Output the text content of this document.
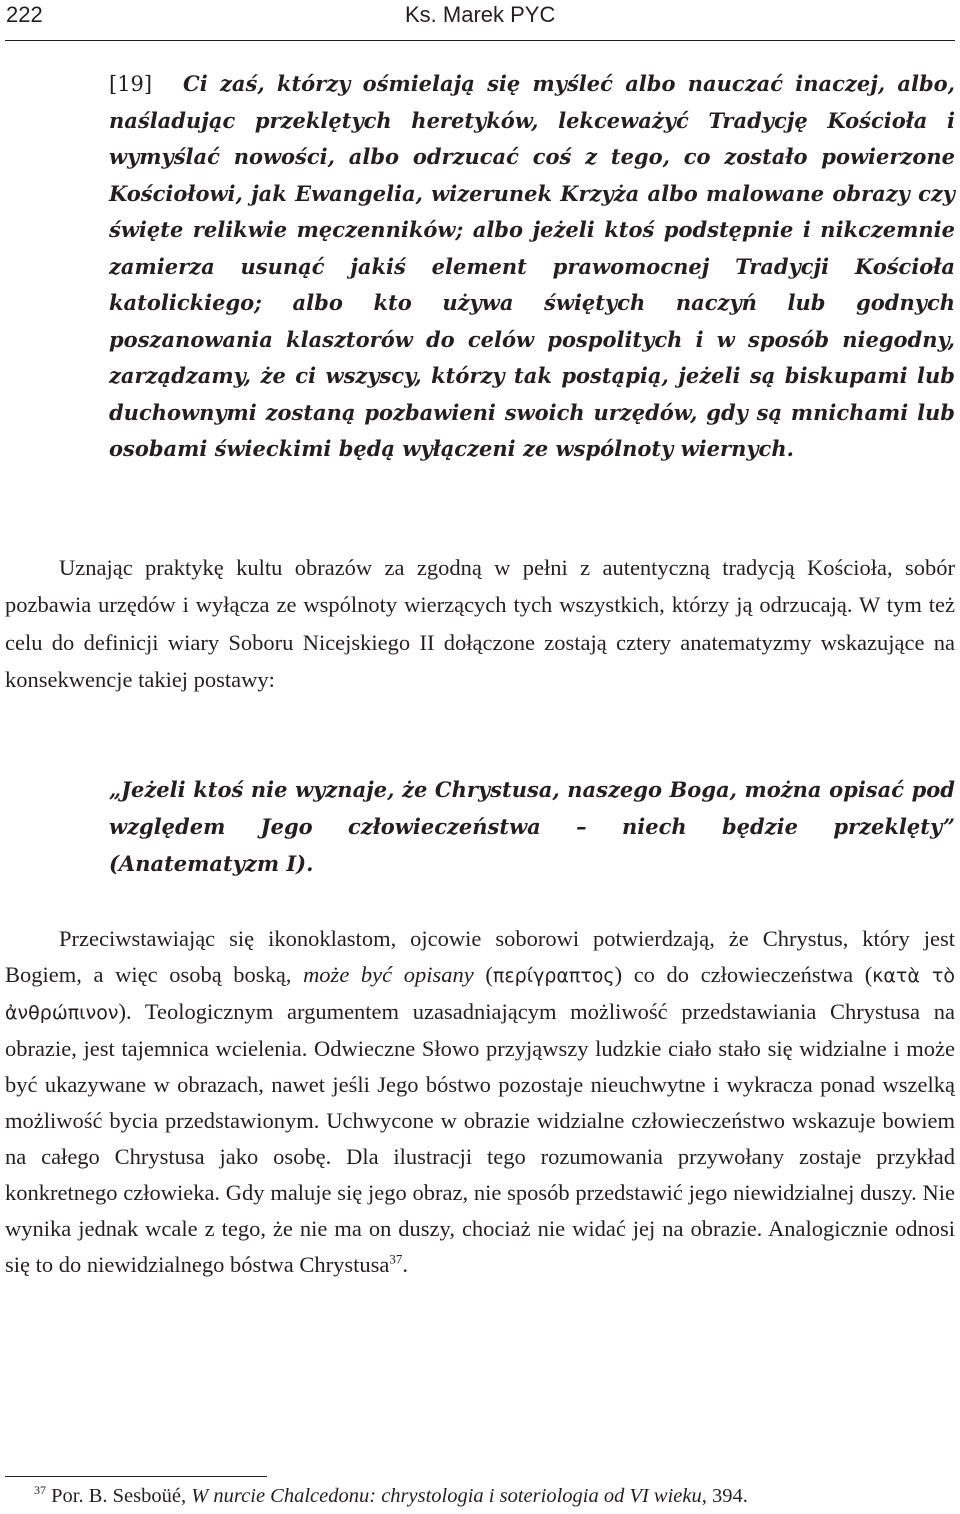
222	Ks. Marek PYC
[19] Ci zaś, którzy ośmielają się myśleć albo nauczać inaczej, albo, naśladując przeklętych heretyków, lekceważyć Tradycję Kościoła i wymyślać nowości, albo odrzucać coś z tego, co zostało powierzone Kościołowi, jak Ewangelia, wizerunek Krzyża albo malowane obrazy czy święte relikwie męczenników; albo jeżeli ktoś podstępnie i nikczemnie zamierza usunąć jakiś element prawomocnej Tradycji Kościoła katolickiego; albo kto używa świętych naczyń lub godnych poszanowania klasztorów do celów pospolitych i w sposób niegodny, zarządzamy, że ci wszyscy, którzy tak postąpią, jeżeli są biskupami lub duchownymi zostaną pozbawieni swoich urzędów, gdy są mnichami lub osobami świeckimi będą wyłączeni ze wspólnoty wiernych.
Uznając praktykę kultu obrazów za zgodną w pełni z autentyczną tradycją Kościoła, sobór pozbawia urzędów i wyłącza ze wspólnoty wierzących tych wszystkich, którzy ją odrzucają. W tym też celu do definicji wiary Soboru Nicejskiego II dołączone zostają cztery anatematyzmy wskazujące na konsekwencje takiej postawy:
„Jeżeli ktoś nie wyznaje, że Chrystusa, naszego Boga, można opisać pod względem Jego człowieczeństwa – niech będzie przeklęty” (Anatematyzm I).
Przeciwstawiając się ikonoklastom, ojcowie soborowi potwierdzają, że Chrystus, który jest Bogiem, a więc osobą boską, może być opisany (περίγραπτος) co do człowieczeństwa (κατὰ τὸ ἀνθρώπινον). Teologicznym argumentem uzasadniającym możliwość przedstawiania Chrystusa na obrazie, jest tajemnica wcielenia. Odwieczne Słowo przyjąwszy ludzkie ciało stało się widzialne i może być ukazywane w obrazach, nawet jeśli Jego bóstwo pozostaje nieuchwytne i wykracza ponad wszelką możliwość bycia przedstawionym. Uchwycone w obrazie widzialne człowieczeństwo wskazuje bowiem na całego Chrystusa jako osobę. Dla ilustracji tego rozumowania przywołany zostaje przykład konkretnego człowieka. Gdy maluje się jego obraz, nie sposób przedstawić jego niewidzialnej duszy. Nie wynika jednak wcale z tego, że nie ma on duszy, chociaż nie widać jej na obrazie. Analogicznie odnosi się to do niewidzialnego bóstwa Chrystusa$^{37}$.
$^{37}$ Por. B. Sesboüé, W nurcie Chalcedonu: chrystologia i soteriologia od VI wieku, 394.
